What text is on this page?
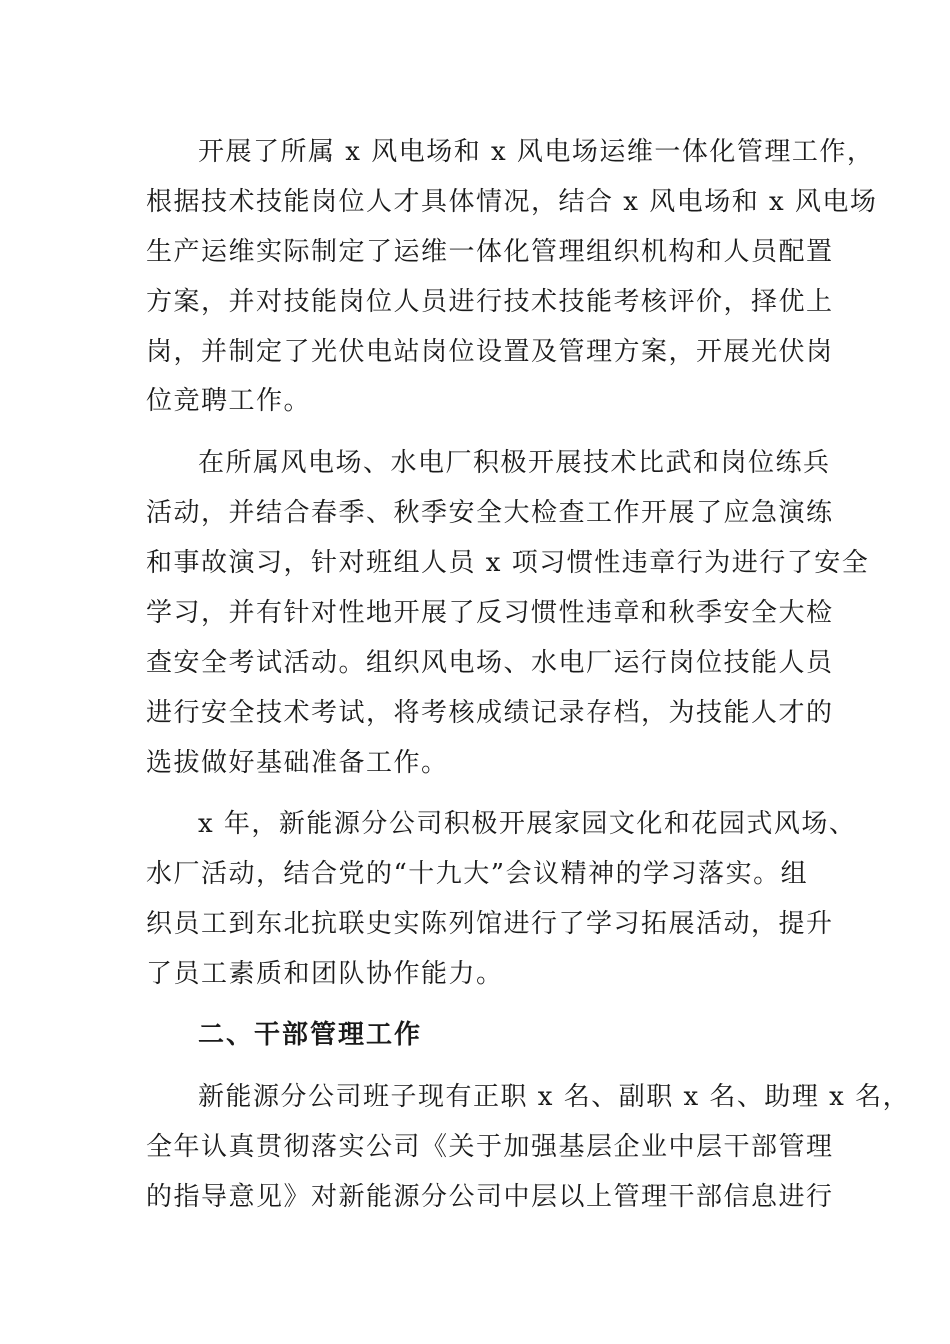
开展了所属 x 风电场和 x 风电场运维一体化管理工作，
根据技术技能岗位人才具体情况，结合 x 风电场和 x 风电场
生产运维实际制定了运维一体化管理组织机构和人员配置
方案，并对技能岗位人员进行技术技能考核评价，择优上
岗，并制定了光伏电站岗位设置及管理方案，开展光伏岗
位竞聘工作。
在所属风电场、水电厂积极开展技术比武和岗位练兵
活动，并结合春季、秋季安全大检查工作开展了应急演练
和事故演习，针对班组人员 x 项习惯性违章行为进行了安全
学习，并有针对性地开展了反习惯性违章和秋季安全大检
查安全考试活动。组织风电场、水电厂运行岗位技能人员
进行安全技术考试，将考核成绩记录存档，为技能人才的
选拔做好基础准备工作。
x 年，新能源分公司积极开展家园文化和花园式风场、
水厂活动，结合党的“十九大”会议精神的学习落实。组
织员工到东北抗联史实陈列馆进行了学习拓展活动，提升
了员工素质和团队协作能力。
二、干部管理工作
新能源分公司班子现有正职 x 名、副职 x 名、助理 x 名，
全年认真贯彻落实公司《关于加强基层企业中层干部管理
的指导意见》对新能源分公司中层以上管理干部信息进行
